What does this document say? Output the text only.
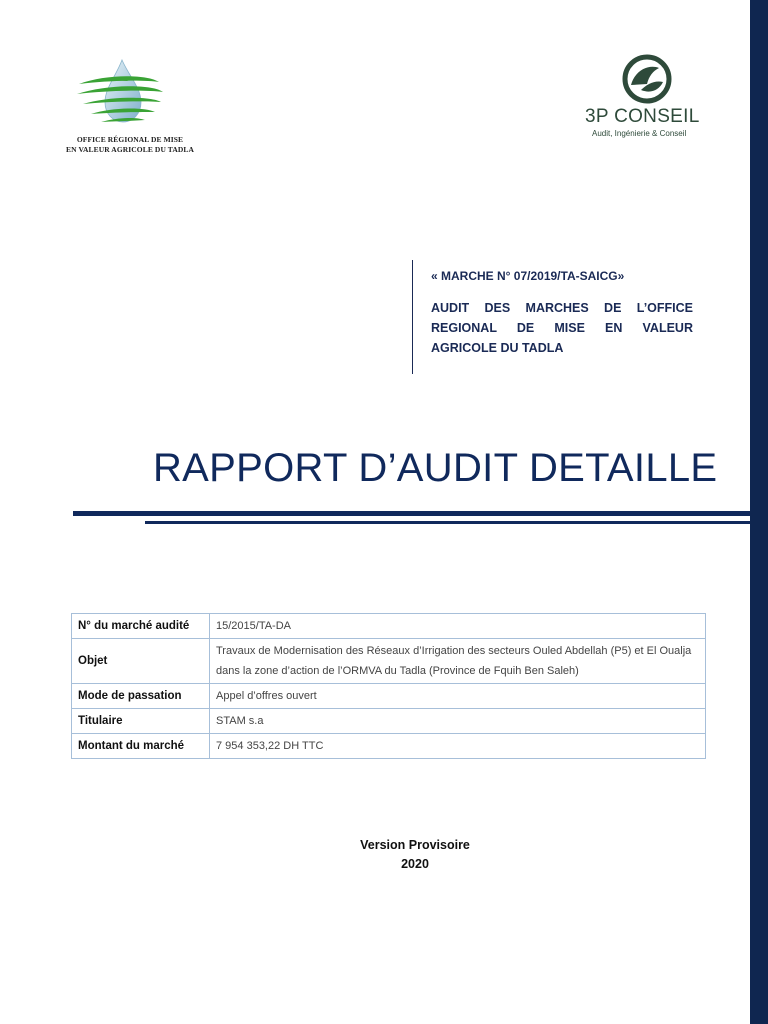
OFFICE RÉGIONAL DE MISE
EN VALEUR AGRICOLE DU TADLA
3P CONSEIL
Audit, Ingénierie & Conseil
« MARCHE N° 07/2019/TA-SAICG»
AUDIT DES MARCHES DE L’OFFICE REGIONAL DE MISE EN VALEUR AGRICOLE DU TADLA
RAPPORT D’AUDIT DETAILLE
N° du marché audité	15/2015/TA-DA
Objet	Travaux de Modernisation des Réseaux d’Irrigation des secteurs Ouled Abdellah (P5) et El Oualja dans la zone d’action de l’ORMVA du Tadla (Province de Fquih Ben Saleh)
Mode de passation	Appel d’offres ouvert
Titulaire	STAM s.a
Montant du marché	7 954 353,22 DH TTC
Version Provisoire
2020
